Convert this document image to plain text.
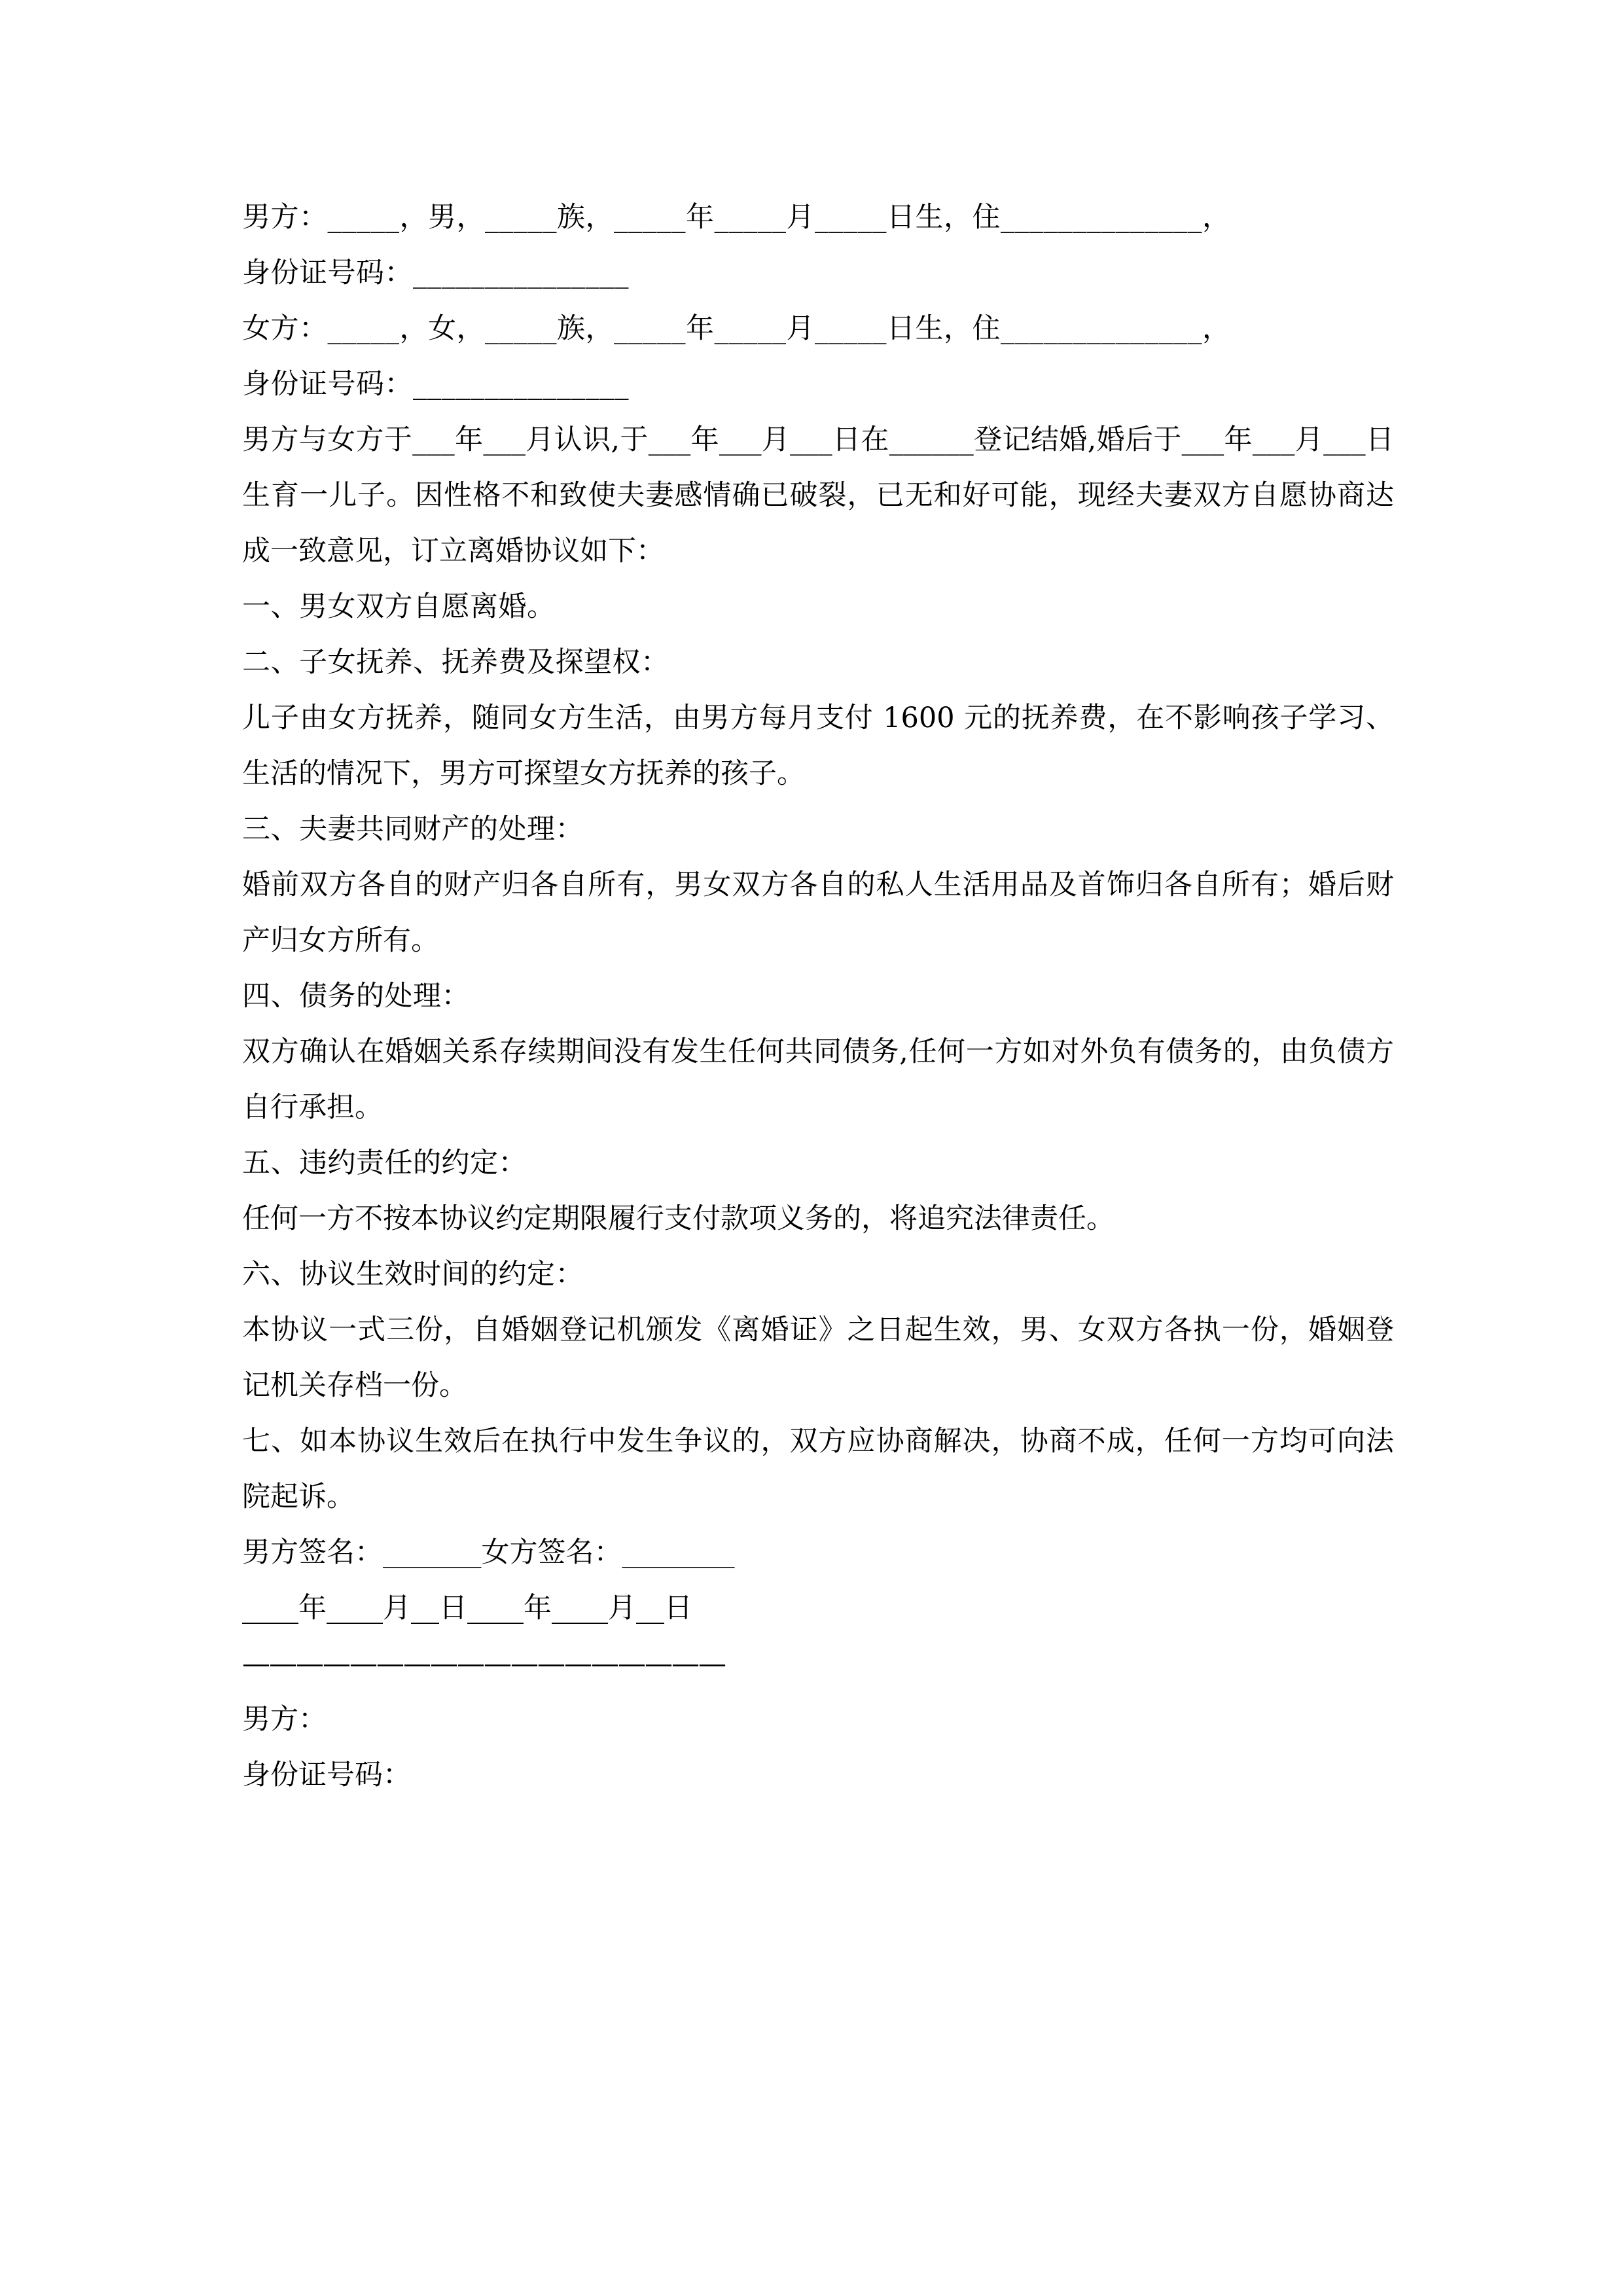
男方：_____，男，_____族，_____年_____月_____日生，住______________，
身份证号码：_______________
女方：_____，女，_____族，_____年_____月_____日生，住______________，
身份证号码：_______________
男方与女方于___年___月认识,于___年___月___日在______登记结婚,婚后于___年___月___日生育一儿子。因性格不和致使夫妻感情确已破裂，已无和好可能，现经夫妻双方自愿协商达成一致意见，订立离婚协议如下：
一、男女双方自愿离婚。
二、子女抚养、抚养费及探望权：
儿子由女方抚养，随同女方生活，由男方每月支付 1600 元的抚养费，在不影响孩子学习、生活的情况下，男方可探望女方抚养的孩子。
三、夫妻共同财产的处理：
婚前双方各自的财产归各自所有，男女双方各自的私人生活用品及首饰归各自所有；婚后财产归女方所有。
四、债务的处理：
双方确认在婚姻关系存续期间没有发生任何共同债务,任何一方如对外负有债务的，由负债方自行承担。
五、违约责任的约定：
任何一方不按本协议约定期限履行支付款项义务的，将追究法律责任。
六、协议生效时间的约定：
本协议一式三份，自婚姻登记机颁发《离婚证》之日起生效，男、女双方各执一份，婚姻登记机关存档一份。
七、如本协议生效后在执行中发生争议的，双方应协商解决，协商不成，任何一方均可向法院起诉。
男方签名：_______女方签名：________
____年____月__日____年____月__日
——————————————————
男方：
身份证号码：
